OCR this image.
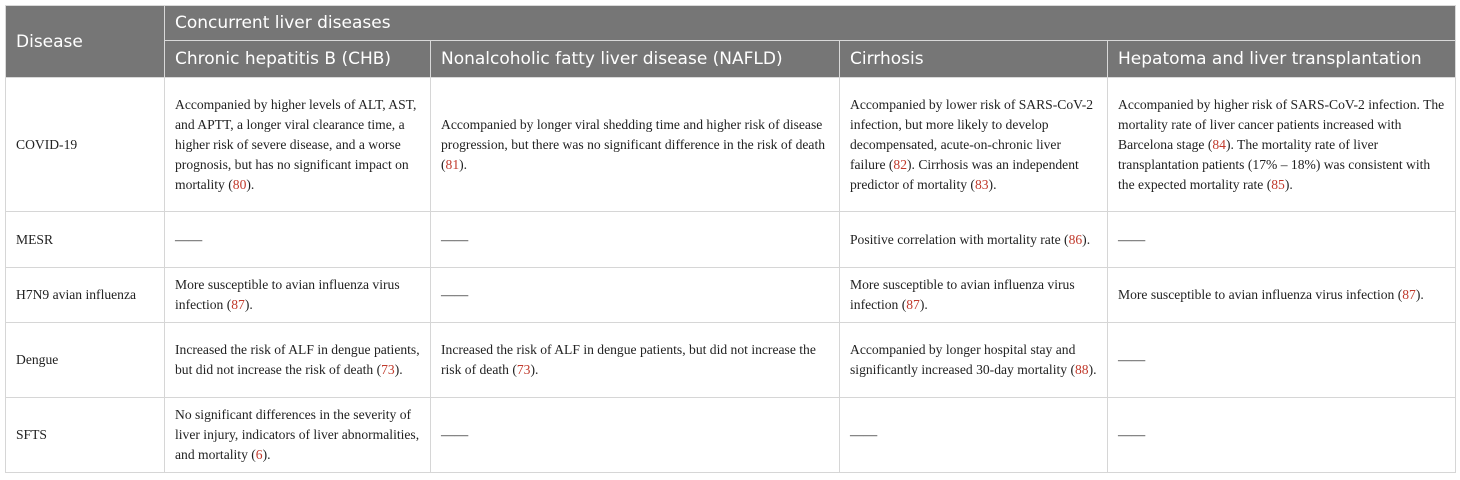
Disease	Concurrent liver diseases			
	Chronic hepatitis B (CHB)	Nonalcoholic fatty liver disease (NAFLD)	Cirrhosis	Hepatoma and liver transplantation
COVID-19	Accompanied by higher levels of ALT, AST, and APTT, a longer viral clearance time, a higher risk of severe disease, and a worse prognosis, but has no significant impact on mortality (80).	Accompanied by longer viral shedding time and higher risk of disease progression, but there was no significant difference in the risk of death (81).	Accompanied by lower risk of SARS-CoV-2 infection, but more likely to develop decompensated, acute-on-chronic liver failure (82). Cirrhosis was an independent predictor of mortality (83).	Accompanied by higher risk of SARS-CoV-2 infection. The mortality rate of liver cancer patients increased with Barcelona stage (84). The mortality rate of liver transplantation patients (17% – 18%) was consistent with the expected mortality rate (85).
MESR	——	——	Positive correlation with mortality rate (86).	——
H7N9 avian influenza	More susceptible to avian influenza virus infection (87).	——	More susceptible to avian influenza virus infection (87).	More susceptible to avian influenza virus infection (87).
Dengue	Increased the risk of ALF in dengue patients, but did not increase the risk of death (73).	Increased the risk of ALF in dengue patients, but did not increase the risk of death (73).	Accompanied by longer hospital stay and significantly increased 30-day mortality (88).	——
SFTS	No significant differences in the severity of liver injury, indicators of liver abnormalities, and mortality (6).	——	——	——
